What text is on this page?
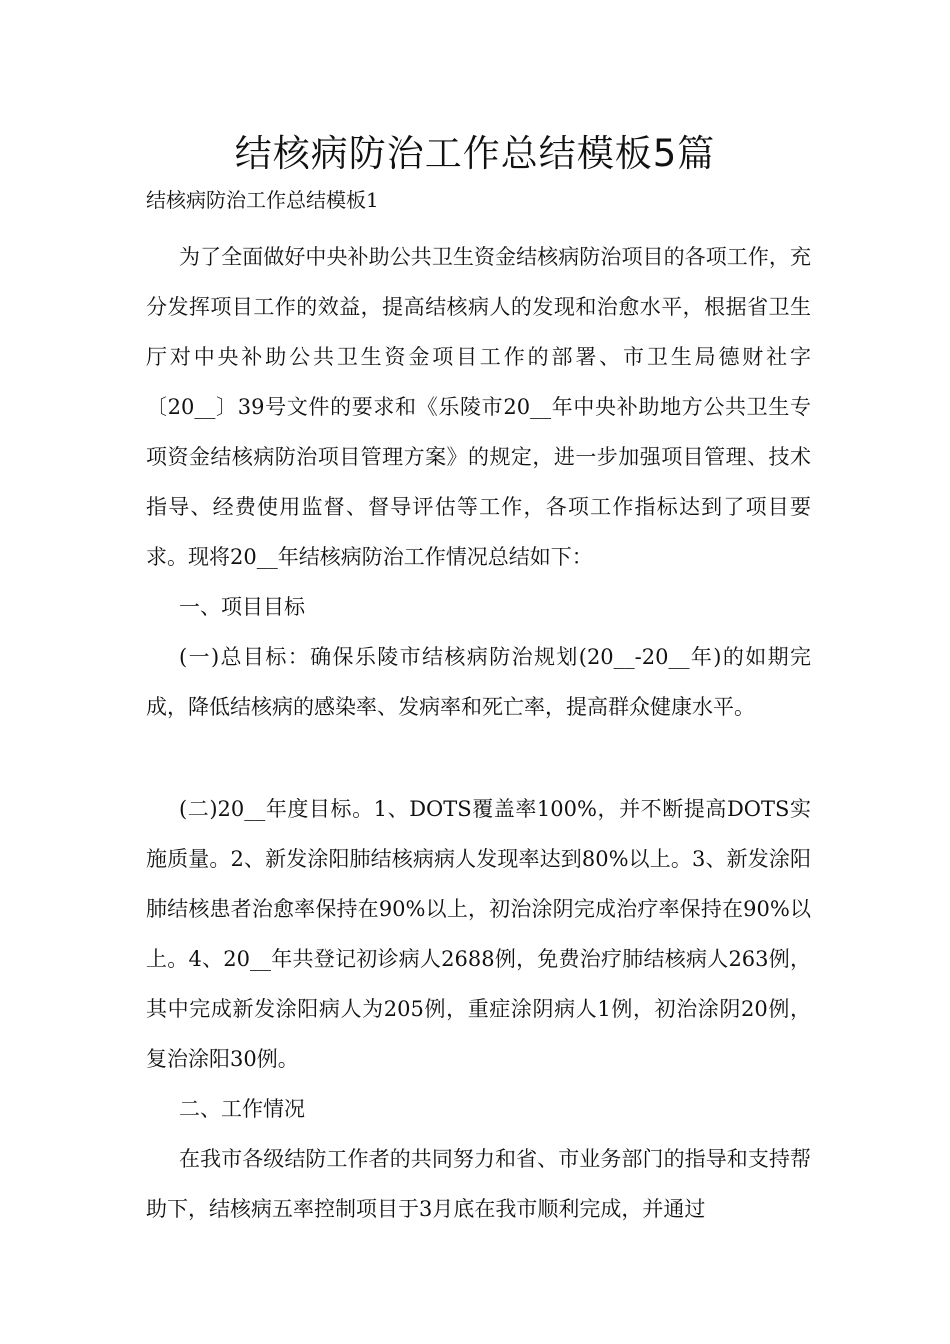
结核病防治工作总结模板5篇

结核病防治工作总结模板1

为了全面做好中央补助公共卫生资金结核病防治项目的各项工作，充分发挥项目工作的效益，提高结核病人的发现和治愈水平，根据省卫生厅对中央补助公共卫生资金项目工作的部署、市卫生局德财社字〔20__〕39号文件的要求和《乐陵市20__年中央补助地方公共卫生专项资金结核病防治项目管理方案》的规定，进一步加强项目管理、技术指导、经费使用监督、督导评估等工作，各项工作指标达到了项目要求。现将20__年结核病防治工作情况总结如下：

一、项目目标

(一)总目标：确保乐陵市结核病防治规划(20__-20__年)的如期完成，降低结核病的感染率、发病率和死亡率，提高群众健康水平。

(二)20__年度目标。1、DOTS覆盖率100%，并不断提高DOTS实施质量。2、新发涂阳肺结核病病人发现率达到80%以上。3、新发涂阳肺结核患者治愈率保持在90%以上，初治涂阴完成治疗率保持在90%以上。4、20__年共登记初诊病人2688例，免费治疗肺结核病人263例，其中完成新发涂阳病人为205例，重症涂阴病人1例，初治涂阴20例，复治涂阳30例。

二、工作情况

在我市各级结防工作者的共同努力和省、市业务部门的指导和支持帮助下，结核病五率控制项目于3月底在我市顺利完成，并通过
